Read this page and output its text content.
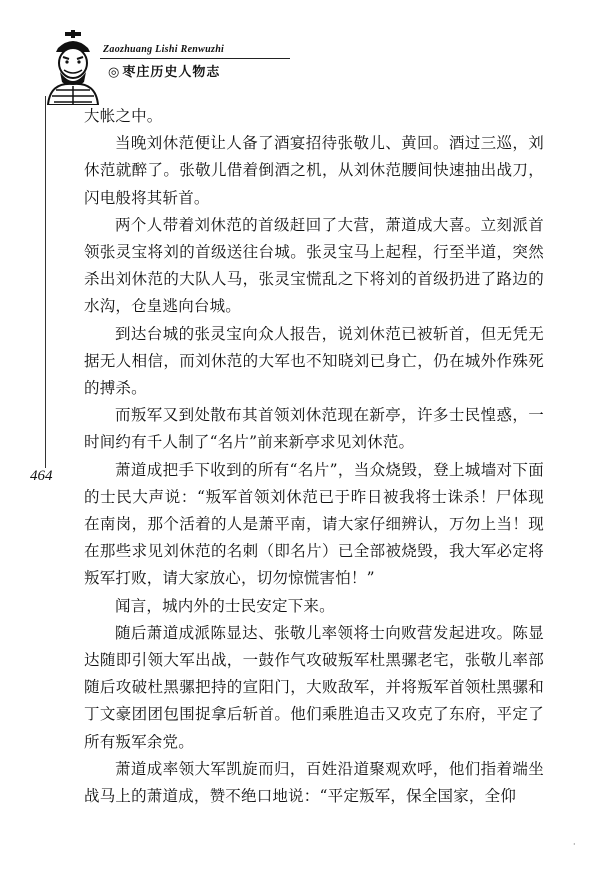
Zaozhuang Lishi Renwuzhi
◎ 枣庄历史人物志
464

大帐之中。

当晚刘休范便让人备了酒宴招待张敬儿、黄回。酒过三巡，刘休范就醉了。张敬儿借着倒酒之机，从刘休范腰间快速抽出战刀，闪电般将其斩首。

两个人带着刘休范的首级赶回了大营，萧道成大喜。立刻派首领张灵宝将刘的首级送往台城。张灵宝马上起程，行至半道，突然杀出刘休范的大队人马，张灵宝慌乱之下将刘的首级扔进了路边的水沟，仓皇逃向台城。

到达台城的张灵宝向众人报告，说刘休范已被斩首，但无凭无据无人相信，而刘休范的大军也不知晓刘已身亡，仍在城外作殊死的搏杀。

而叛军又到处散布其首领刘休范现在新亭，许多士民惶惑，一时间约有千人制了“名片”前来新亭求见刘休范。

萧道成把手下收到的所有“名片”，当众烧毁，登上城墙对下面的士民大声说：“叛军首领刘休范已于昨日被我将士诛杀！尸体现在南岗，那个活着的人是萧平南，请大家仔细辨认，万勿上当！现在那些求见刘休范的名刺（即名片）已全部被烧毁，我大军必定将叛军打败，请大家放心，切勿惊慌害怕！”

闻言，城内外的士民安定下来。

随后萧道成派陈显达、张敬儿率领将士向败营发起进攻。陈显达随即引领大军出战，一鼓作气攻破叛军杜黑骡老宅，张敬儿率部随后攻破杜黑骡把持的宣阳门，大败敌军，并将叛军首领杜黑骡和丁文豪团团包围捉拿后斩首。他们乘胜追击又攻克了东府，平定了所有叛军余党。

萧道成率领大军凯旋而归，百姓沿道聚观欢呼，他们指着端坐战马上的萧道成，赞不绝口地说：“平定叛军，保全国家，全仰

·
